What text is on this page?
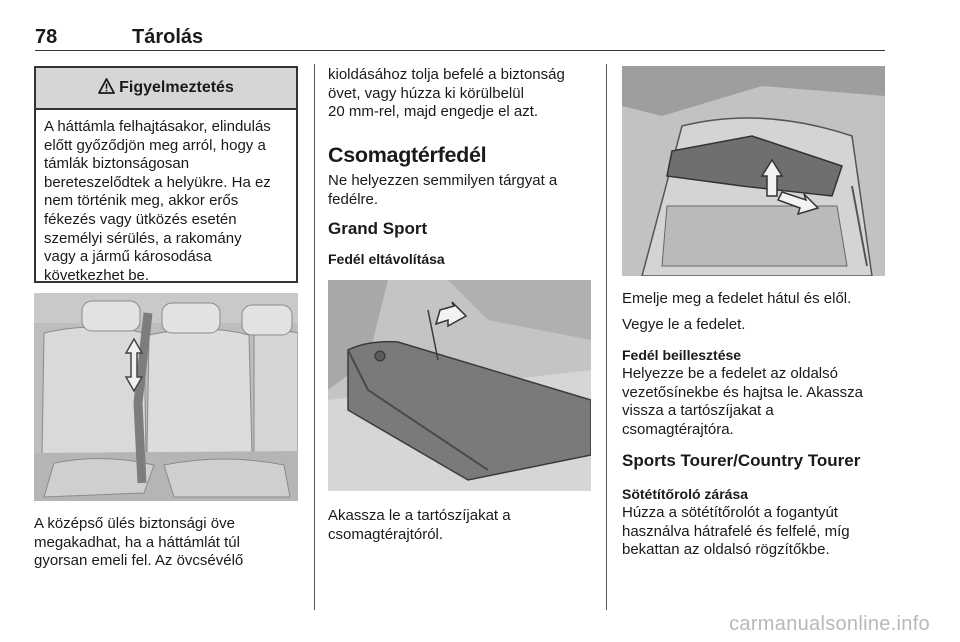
78	Tárolás
Figyelmeztetés
A háttámla felhajtásakor, elindulás
előtt győződjön meg arról, hogy a
támlák biztonságosan
bereteszelődtek a helyükre. Ha ez
nem történik meg, akkor erős
fékezés vagy ütközés esetén
személyi sérülés, a rakomány
vagy a jármű károsodása
következhet be.
A középső ülés biztonsági öve
megakadhat, ha a háttámlát túl
gyorsan emeli fel. Az övcsévélő
kioldásához tolja befelé a biztonság
övet, vagy húzza ki körülbelül
20 mm-rel, majd engedje el azt.
Csomagtérfedél
Ne helyezzen semmilyen tárgyat a
fedélre.
Grand Sport
Fedél eltávolítása
Akassza le a tartószíjakat a
csomagtérajtóról.
Emelje meg a fedelet hátul és elől.
Vegye le a fedelet.
Fedél beillesztése
Helyezze be a fedelet az oldalsó
vezetősínekbe és hajtsa le. Akassza
vissza a tartószíjakat a
csomagtérajtóra.
Sports Tourer/Country Tourer
Sötétítőroló zárása
Húzza a sötétítőrolót a fogantyút
használva hátrafelé és felfelé, míg
bekattan az oldalsó rögzítőkbe.
carmanualsonline.info
